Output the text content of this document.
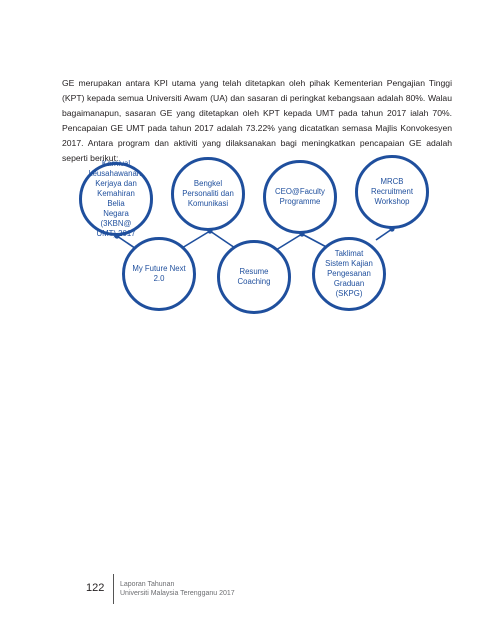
GE merupakan antara KPI utama yang telah ditetapkan oleh pihak Kementerian Pengajian Tinggi (KPT) kepada semua Universiti Awam (UA) dan sasaran di peringkat kebangsaan adalah 80%. Walau bagaimanapun, sasaran GE yang ditetapkan oleh KPT kepada UMT pada tahun 2017 ialah 70%. Pencapaian GE UMT pada tahun 2017 adalah 73.22% yang dicatatkan semasa Majlis Konvokesyen 2017. Antara program dan aktiviti yang dilaksanakan bagi meningkatkan pencapaian GE adalah seperti berikut:

Karnival
keusahawanan,
Kerjaya dan
Kemahiran Belia
Negara (3KBN@
UMT) 2017
Bengkel
Personaliti dan
Komunikasi
CEO@Faculty
Programme
MRCB
Recruitment
Workshop
My Future Next 2.0
Resume
Coaching
Taklimat
Sistem Kajian
Pengesanan
Graduan (SKPG)
122 Laporan Tahunan
Universiti Malaysia Terengganu 2017
